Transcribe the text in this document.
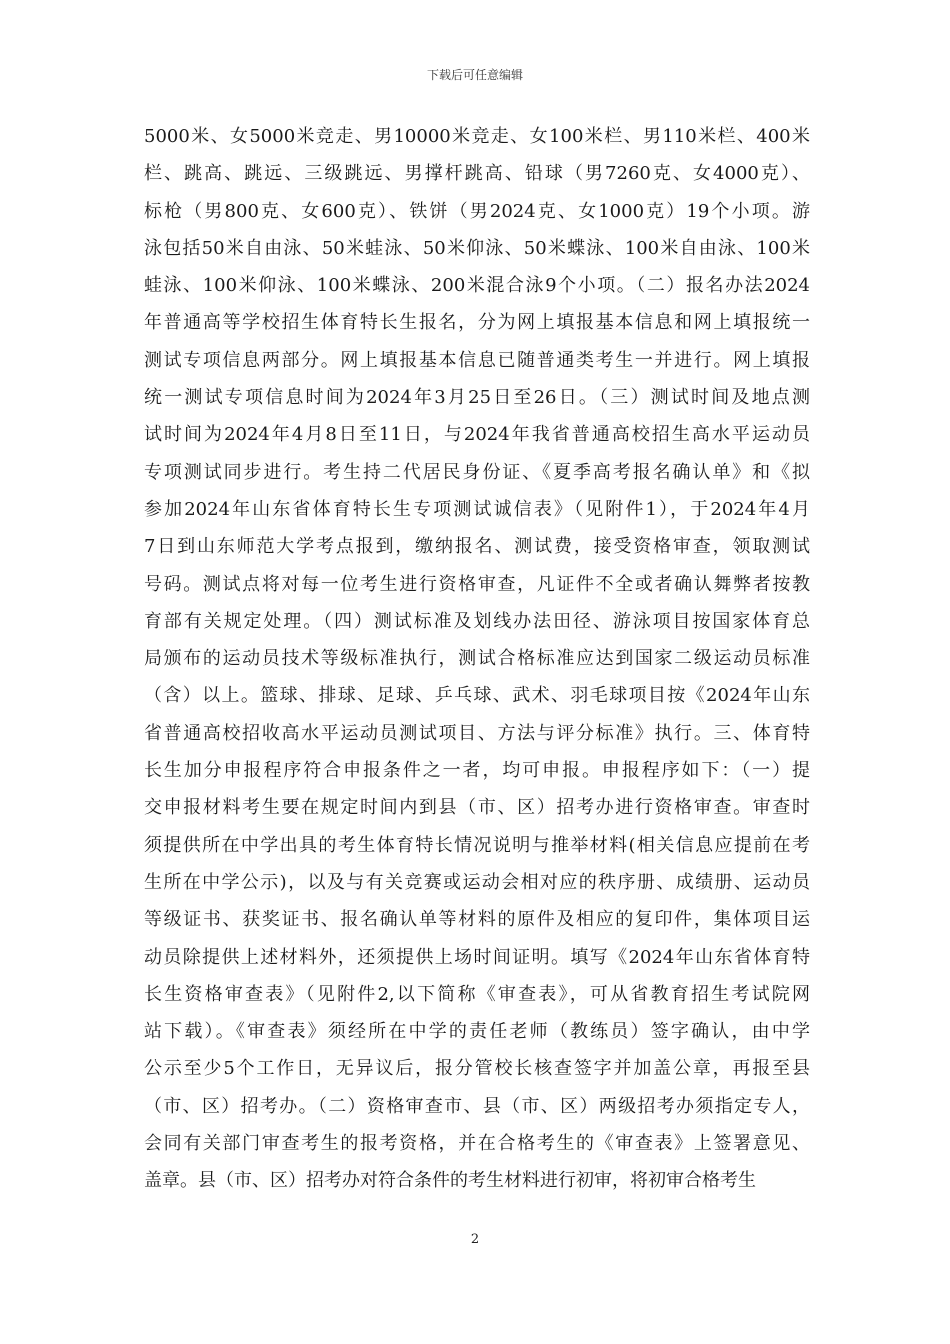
下载后可任意编辑
5000米、女5000米竞走、男10000米竞走、女100米栏、男110米栏、400米
栏、跳高、跳远、三级跳远、男撑杆跳高、铅球（男7260克、女4000克）、
标枪（男800克、女600克）、铁饼（男2024克、女1000克）19个小项。游
泳包括50米自由泳、50米蛙泳、50米仰泳、50米蝶泳、100米自由泳、100米
蛙泳、100米仰泳、100米蝶泳、200米混合泳9个小项。（二）报名办法2024
年普通高等学校招生体育特长生报名，分为网上填报基本信息和网上填报统一
测试专项信息两部分。网上填报基本信息已随普通类考生一并进行。网上填报
统一测试专项信息时间为2024年3月25日至26日。（三）测试时间及地点测
试时间为2024年4月8日至11日，与2024年我省普通高校招生高水平运动员
专项测试同步进行。考生持二代居民身份证、《夏季高考报名确认单》和《拟
参加2024年山东省体育特长生专项测试诚信表》（见附件1），于2024年4月
7日到山东师范大学考点报到，缴纳报名、测试费，接受资格审查，领取测试
号码。测试点将对每一位考生进行资格审查，凡证件不全或者确认舞弊者按教
育部有关规定处理。（四）测试标准及划线办法田径、游泳项目按国家体育总
局颁布的运动员技术等级标准执行，测试合格标准应达到国家二级运动员标准
（含）以上。篮球、排球、足球、乒乓球、武术、羽毛球项目按《2024年山东
省普通高校招收高水平运动员测试项目、方法与评分标准》执行。三、体育特
长生加分申报程序符合申报条件之一者，均可申报。申报程序如下：（一）提
交申报材料考生要在规定时间内到县（市、区）招考办进行资格审查。审查时
须提供所在中学出具的考生体育特长情况说明与推举材料(相关信息应提前在考
生所在中学公示)，以及与有关竞赛或运动会相对应的秩序册、成绩册、运动员
等级证书、获奖证书、报名确认单等材料的原件及相应的复印件，集体项目运
动员除提供上述材料外，还须提供上场时间证明。填写《2024年山东省体育特
长生资格审查表》（见附件2,以下简称《审查表》，可从省教育招生考试院网
站下载）。《审查表》须经所在中学的责任老师（教练员）签字确认，由中学
公示至少5个工作日，无异议后，报分管校长核查签字并加盖公章，再报至县
（市、区）招考办。（二）资格审查市、县（市、区）两级招考办须指定专人，
会同有关部门审查考生的报考资格，并在合格考生的《审查表》上签署意见、
盖章。县（市、区）招考办对符合条件的考生材料进行初审，将初审合格考生
2
